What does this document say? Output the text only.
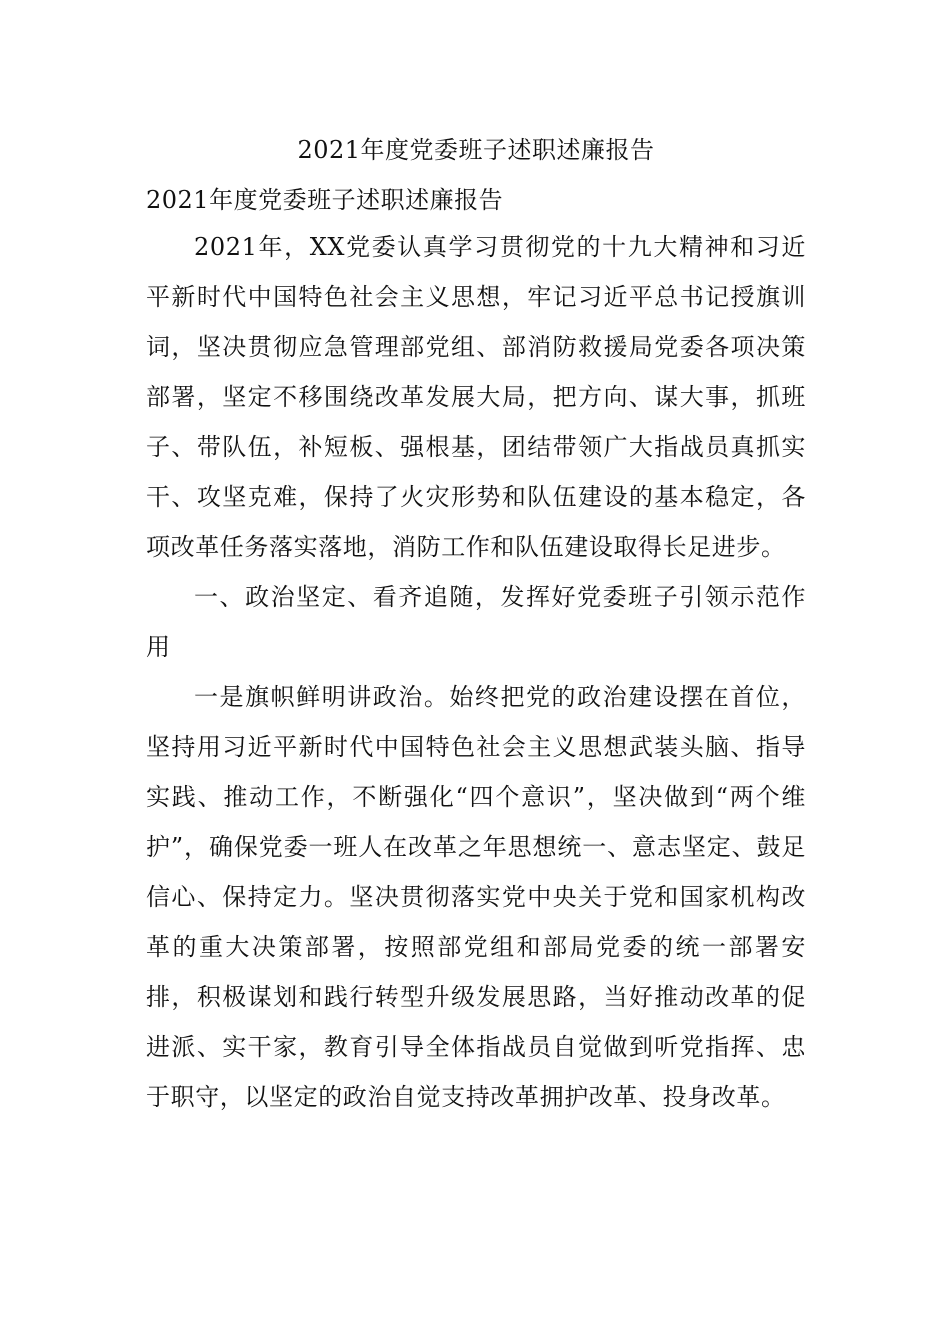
2021年度党委班子述职述廉报告

2021年度党委班子述职述廉报告

2021年，XX党委认真学习贯彻党的十九大精神和习近平新时代中国特色社会主义思想，牢记习近平总书记授旗训词，坚决贯彻应急管理部党组、部消防救援局党委各项决策部署，坚定不移围绕改革发展大局，把方向、谋大事，抓班子、带队伍，补短板、强根基，团结带领广大指战员真抓实干、攻坚克难，保持了火灾形势和队伍建设的基本稳定，各项改革任务落实落地，消防工作和队伍建设取得长足进步。

一、政治坚定、看齐追随，发挥好党委班子引领示范作用

一是旗帜鲜明讲政治。始终把党的政治建设摆在首位，坚持用习近平新时代中国特色社会主义思想武装头脑、指导实践、推动工作，不断强化“四个意识”，坚决做到“两个维护”，确保党委一班人在改革之年思想统一、意志坚定、鼓足信心、保持定力。坚决贯彻落实党中央关于党和国家机构改革的重大决策部署，按照部党组和部局党委的统一部署安排，积极谋划和践行转型升级发展思路，当好推动改革的促进派、实干家，教育引导全体指战员自觉做到听党指挥、忠于职守，以坚定的政治自觉支持改革拥护改革、投身改革。
